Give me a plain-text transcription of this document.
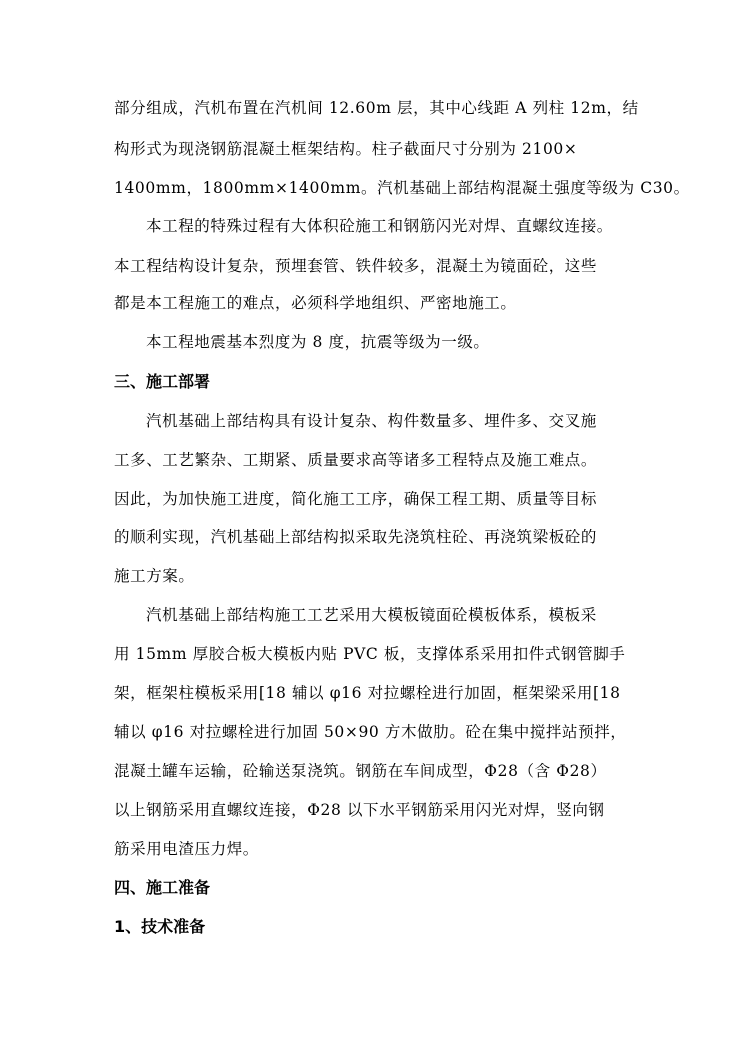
部分组成，汽机布置在汽机间 12.60m 层，其中心线距 A 列柱 12m，结
构形式为现浇钢筋混凝土框架结构。柱子截面尺寸分别为 2100×
1400mm，1800mm×1400mm。汽机基础上部结构混凝土强度等级为 C30。
本工程的特殊过程有大体积砼施工和钢筋闪光对焊、直螺纹连接。
本工程结构设计复杂，预埋套管、铁件较多，混凝土为镜面砼，这些
都是本工程施工的难点，必须科学地组织、严密地施工。
本工程地震基本烈度为 8 度，抗震等级为一级。
三、施工部署
汽机基础上部结构具有设计复杂、构件数量多、埋件多、交叉施
工多、工艺繁杂、工期紧、质量要求高等诸多工程特点及施工难点。
因此，为加快施工进度，简化施工工序，确保工程工期、质量等目标
的顺利实现，汽机基础上部结构拟采取先浇筑柱砼、再浇筑梁板砼的
施工方案。
汽机基础上部结构施工工艺采用大模板镜面砼模板体系，模板采
用 15mm 厚胶合板大模板内贴 PVC 板，支撑体系采用扣件式钢管脚手
架，框架柱模板采用[18 辅以 φ16 对拉螺栓进行加固，框架梁采用[18
辅以 φ16 对拉螺栓进行加固 50×90 方木做肋。砼在集中搅拌站预拌，
混凝土罐车运输，砼输送泵浇筑。钢筋在车间成型，Φ28（含 Φ28）
以上钢筋采用直螺纹连接，Φ28 以下水平钢筋采用闪光对焊，竖向钢
筋采用电渣压力焊。
四、施工准备
1、技术准备
